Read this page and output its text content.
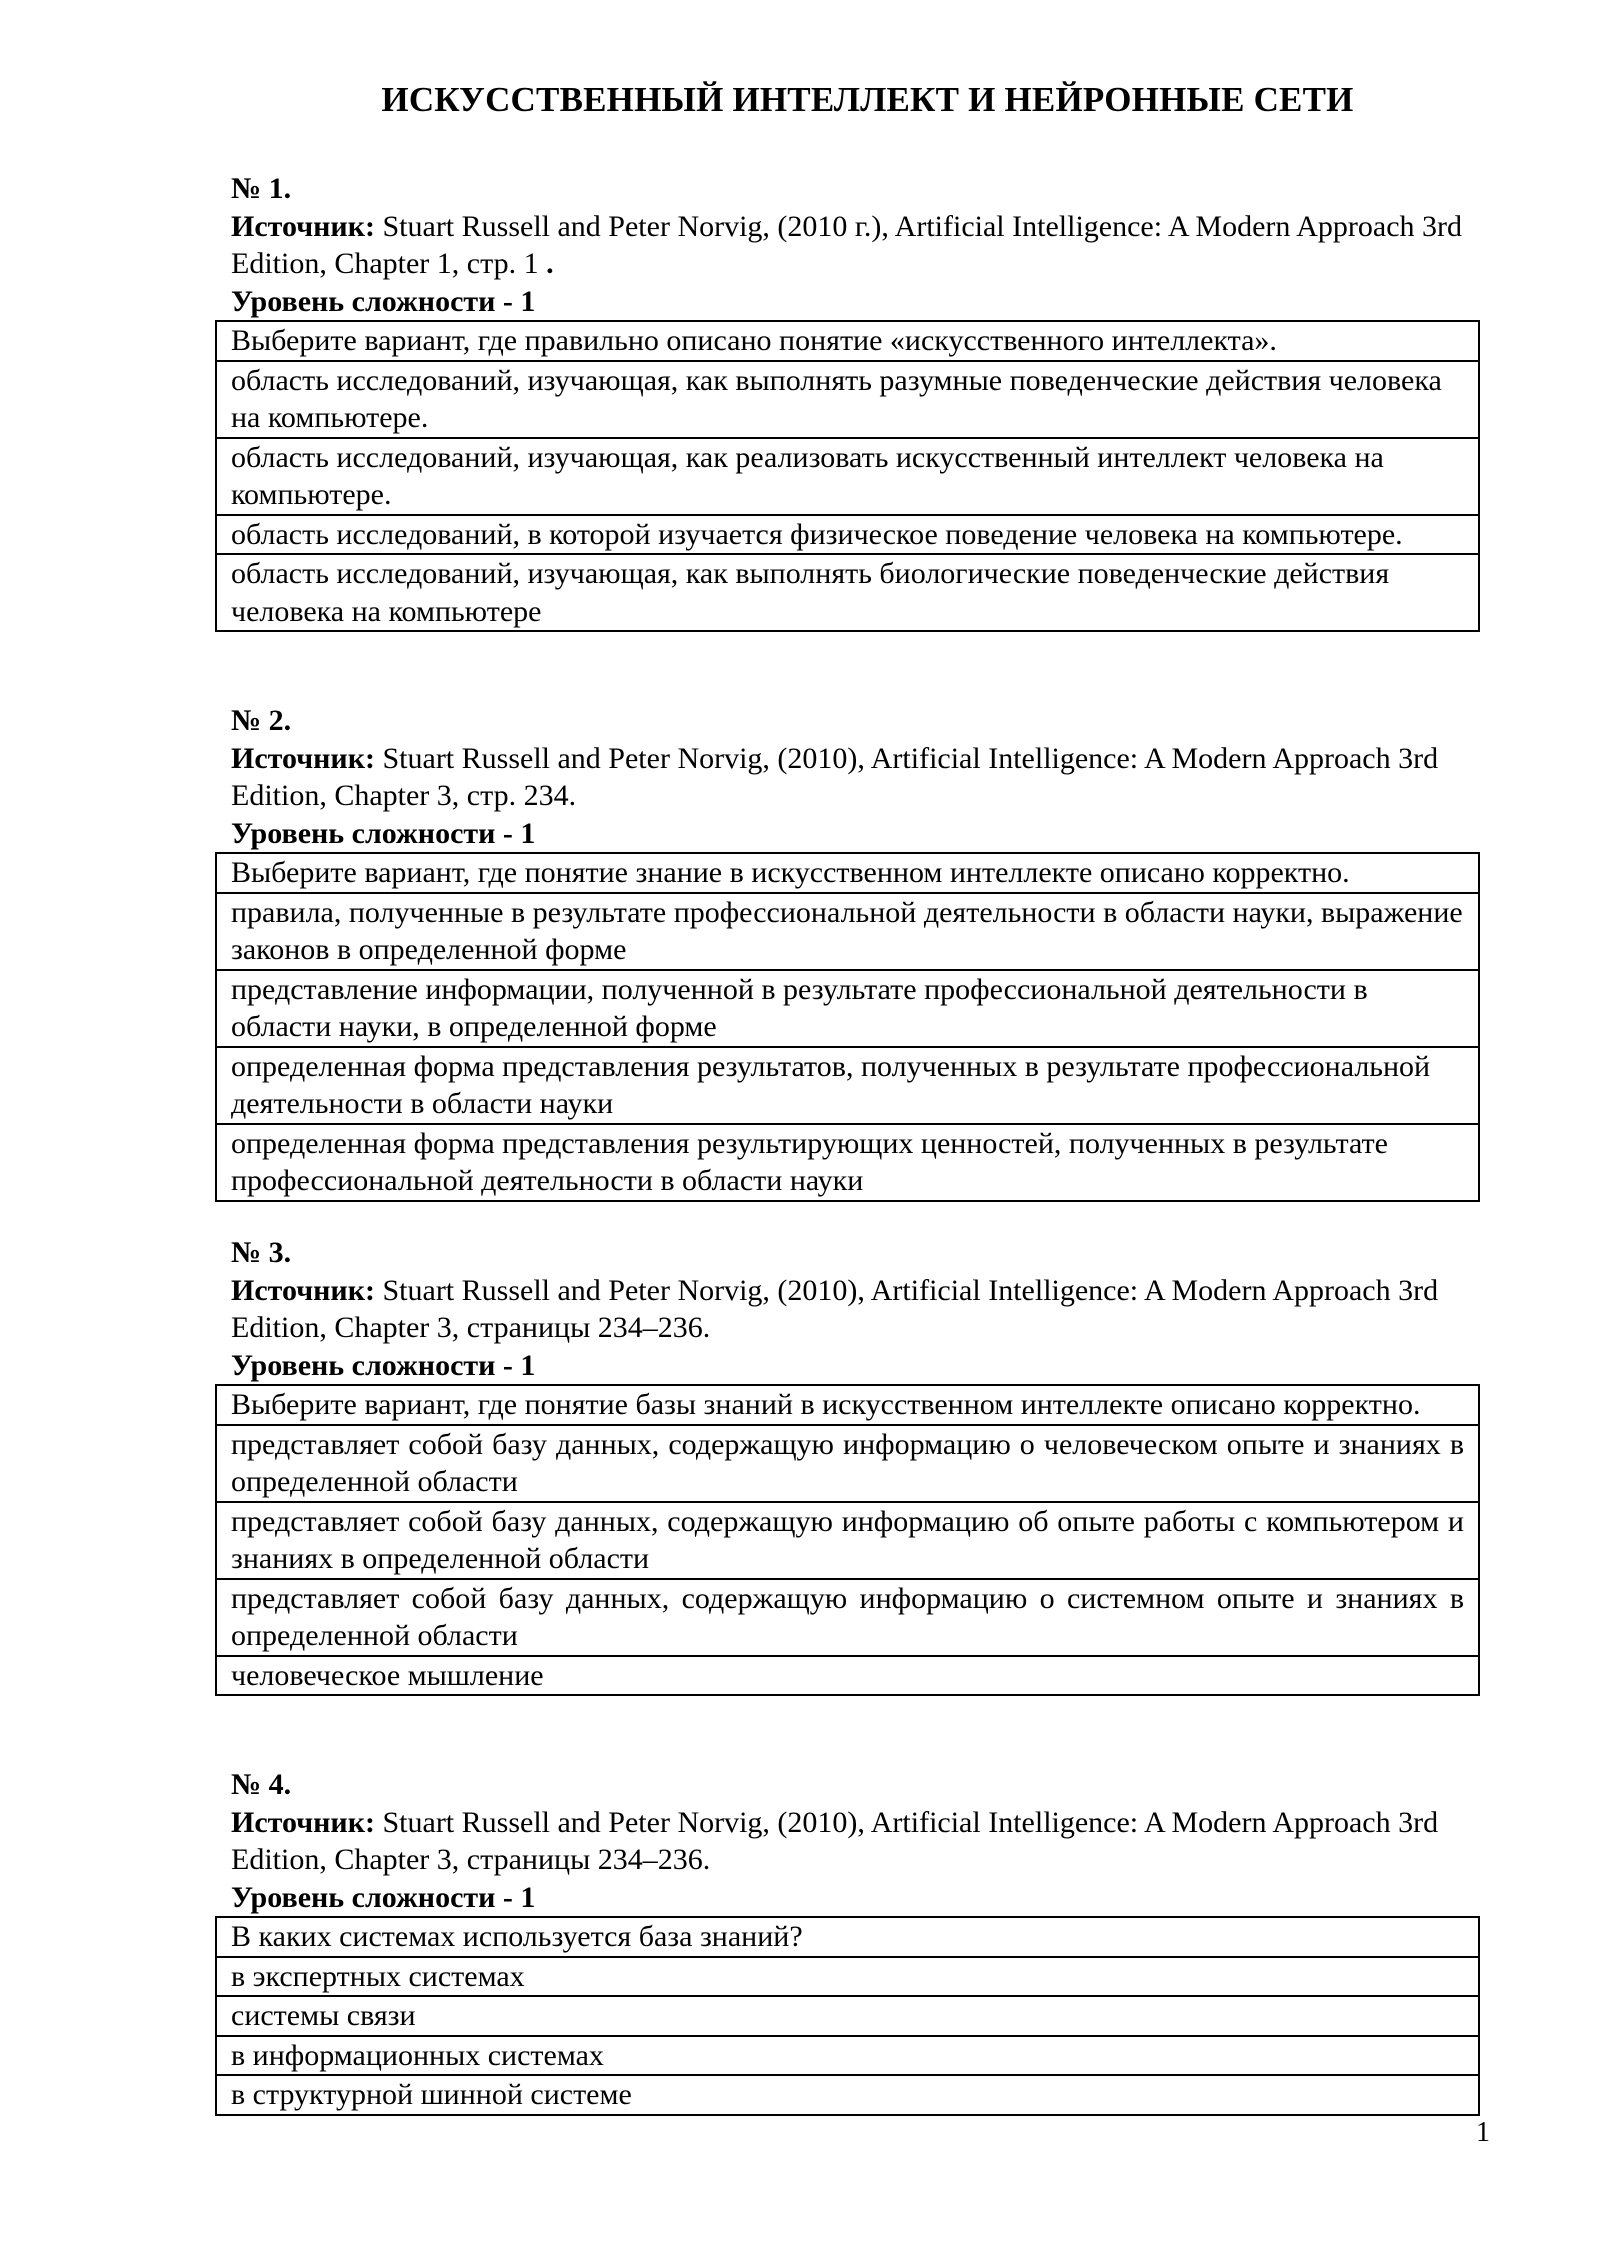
ИСКУССТВЕННЫЙ ИНТЕЛЛЕКТ И НЕЙРОННЫЕ СЕТИ
№ 1.
Источник: Stuart Russell and Peter Norvig, (2010 г.), Artificial Intelligence: A Modern Approach 3rd Edition, Chapter 1, стр. 1 .
Уровень сложности - 1
Выберите вариант, где правильно описано понятие «искусственного интеллекта».
область исследований, изучающая, как выполнять разумные поведенческие действия человека на компьютере.
область исследований, изучающая, как реализовать искусственный интеллект человека на компьютере.
область исследований, в которой изучается физическое поведение человека на компьютере.
область исследований, изучающая, как выполнять биологические поведенческие действия человека на компьютере
№ 2.
Источник: Stuart Russell and Peter Norvig, (2010), Artificial Intelligence: A Modern Approach 3rd Edition, Chapter 3, стр. 234.
Уровень сложности - 1
Выберите вариант, где понятие знание в искусственном интеллекте описано корректно.
правила, полученные в результате профессиональной деятельности в области науки, выражение законов в определенной форме
представление информации, полученной в результате профессиональной деятельности в области науки, в определенной форме
определенная форма представления результатов, полученных в результате профессиональной деятельности в области науки
определенная форма представления результирующих ценностей, полученных в результате профессиональной деятельности в области науки
№ 3.
Источник: Stuart Russell and Peter Norvig, (2010), Artificial Intelligence: A Modern Approach 3rd Edition, Chapter 3, страницы 234–236.
Уровень сложности - 1
Выберите вариант, где понятие базы знаний в искусственном интеллекте описано корректно.
представляет собой базу данных, содержащую информацию о человеческом опыте и знаниях в определенной области
представляет собой базу данных, содержащую информацию об опыте работы с компьютером и знаниях в определенной области
представляет собой базу данных, содержащую информацию о системном опыте и знаниях в определенной области
человеческое мышление
№ 4.
Источник: Stuart Russell and Peter Norvig, (2010), Artificial Intelligence: A Modern Approach 3rd Edition, Chapter 3, страницы 234–236.
Уровень сложности - 1
В каких системах используется база знаний?
в экспертных системах
системы связи
в информационных системах
в структурной шинной системе
1
